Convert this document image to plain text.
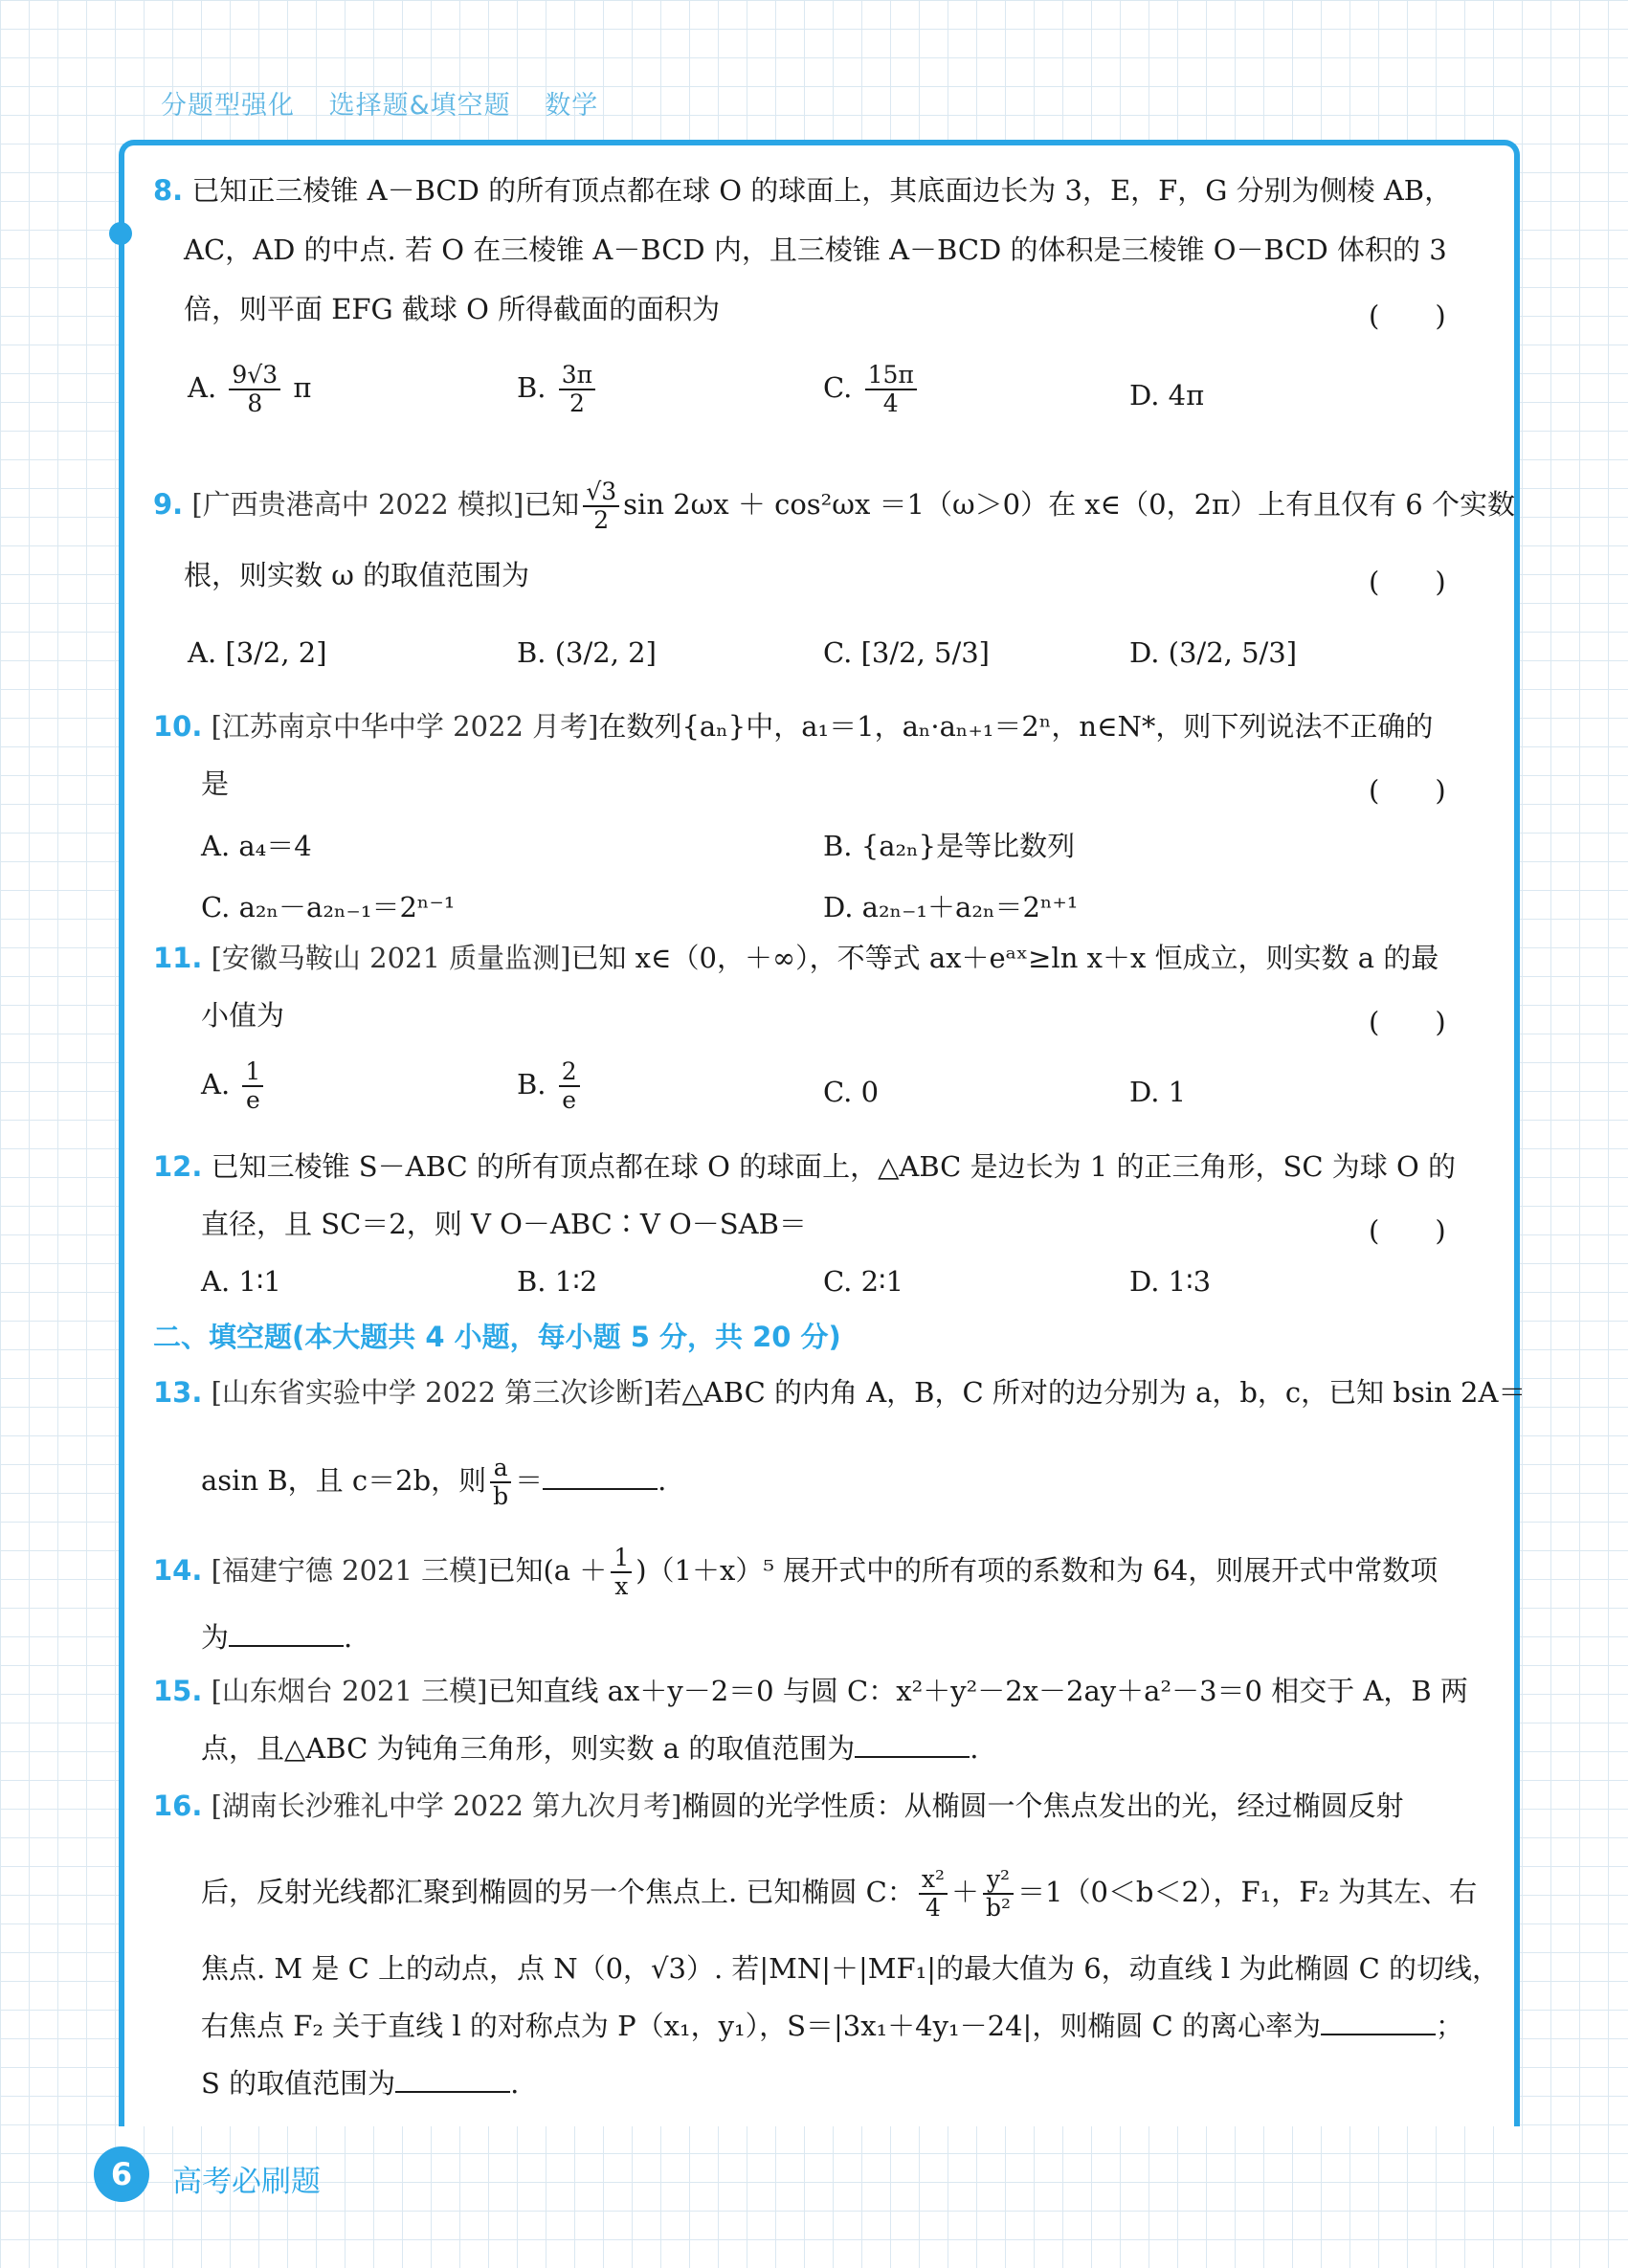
分题型强化 选择题&填空题 数学
8. 已知正三棱锥 A－BCD 的所有顶点都在球 O 的球面上，其底面边长为 3，E，F，G 分别为侧棱 AB，
AC，AD 的中点. 若 O 在三棱锥 A－BCD 内，且三棱锥 A－BCD 的体积是三棱锥 O－BCD 体积的 3
倍，则平面 EFG 截球 O 所得截面的面积为	(　　)
A. $\frac{9√3}{8}$ π	B. $\frac{3\pi}{2}$	C. $\frac{15\pi}{4}$	D. 4π
9. [广西贵港高中 2022 模拟]已知 $\frac{√3}{2}$ sin 2ωx ＋ cos²ωx ＝1（ω＞0）在 x∈（0，2π）上有且仅有 6 个实数
根，则实数 ω 的取值范围为	(　　)
A. [3/2, 2]	B. (3/2, 2]	C. [3/2, 5/3]	D. (3/2, 5/3]
10. [江苏南京中华中学 2022 月考]在数列{aₙ}中，a₁＝1，aₙ·aₙ₊₁＝2ⁿ，n∈N*，则下列说法不正确的
是	(　　)
A. a₄＝4	B. {a₂ₙ}是等比数列
C. a₂ₙ－a₂ₙ₋₁＝2ⁿ⁻¹	D. a₂ₙ₋₁＋a₂ₙ＝2ⁿ⁺¹
11. [安徽马鞍山 2021 质量监测]已知 x∈（0，＋∞），不等式 ax＋eᵃˣ≥ln x＋x 恒成立，则实数 a 的最
小值为	(　　)
A. $\frac{1}{e}$	B. $\frac{2}{e}$	C. 0	D. 1
12. 已知三棱锥 S－ABC 的所有顶点都在球 O 的球面上，△ABC 是边长为 1 的正三角形，SC 为球 O 的
直径，且 SC＝2，则 V O－ABC∶V O－SAB＝	(　　)
A. 1∶1	B. 1∶2	C. 2∶1	D. 1∶3
二、填空题(本大题共 4 小题，每小题 5 分，共 20 分)
13. [山东省实验中学 2022 第三次诊断]若△ABC 的内角 A，B，C 所对的边分别为 a，b，c，已知 bsin 2A＝
asin B，且 c＝2b，则 $\frac{a}{b}$ ＝	.
14. [福建宁德 2021 三模]已知$(a + \frac{1}{x} )(1+x)^5$ 展开式中的所有项的系数和为 64，则展开式中常数项
为	.
15. [山东烟台 2021 三模]已知直线 ax＋y－2＝0 与圆 C：x²＋y²－2x－2ay＋a²－3＝0 相交于 A，B 两
点，且△ABC 为钝角三角形，则实数 a 的取值范围为	.
16. [湖南长沙雅礼中学 2022 第九次月考]椭圆的光学性质：从椭圆一个焦点发出的光，经过椭圆反射
后，反射光线都汇聚到椭圆的另一个焦点上. 已知椭圆 C： $\frac{\text{x²}}{4} + \frac{\text{y²}}{\text{b²}} =1(0<b<2)$，F₁，F₂ 为其左、右
焦点. M 是 C 上的动点，点 N（0，√3）. 若|MN|＋|MF₁|的最大值为 6，动直线 l 为此椭圆 C 的切线，
右焦点 F₂ 关于直线 l 的对称点为 P（x₁，y₁），S＝|3x₁＋4y₁－24|，则椭圆 C 的离心率为	；
S 的取值范围为	.
6	高考必刷题
